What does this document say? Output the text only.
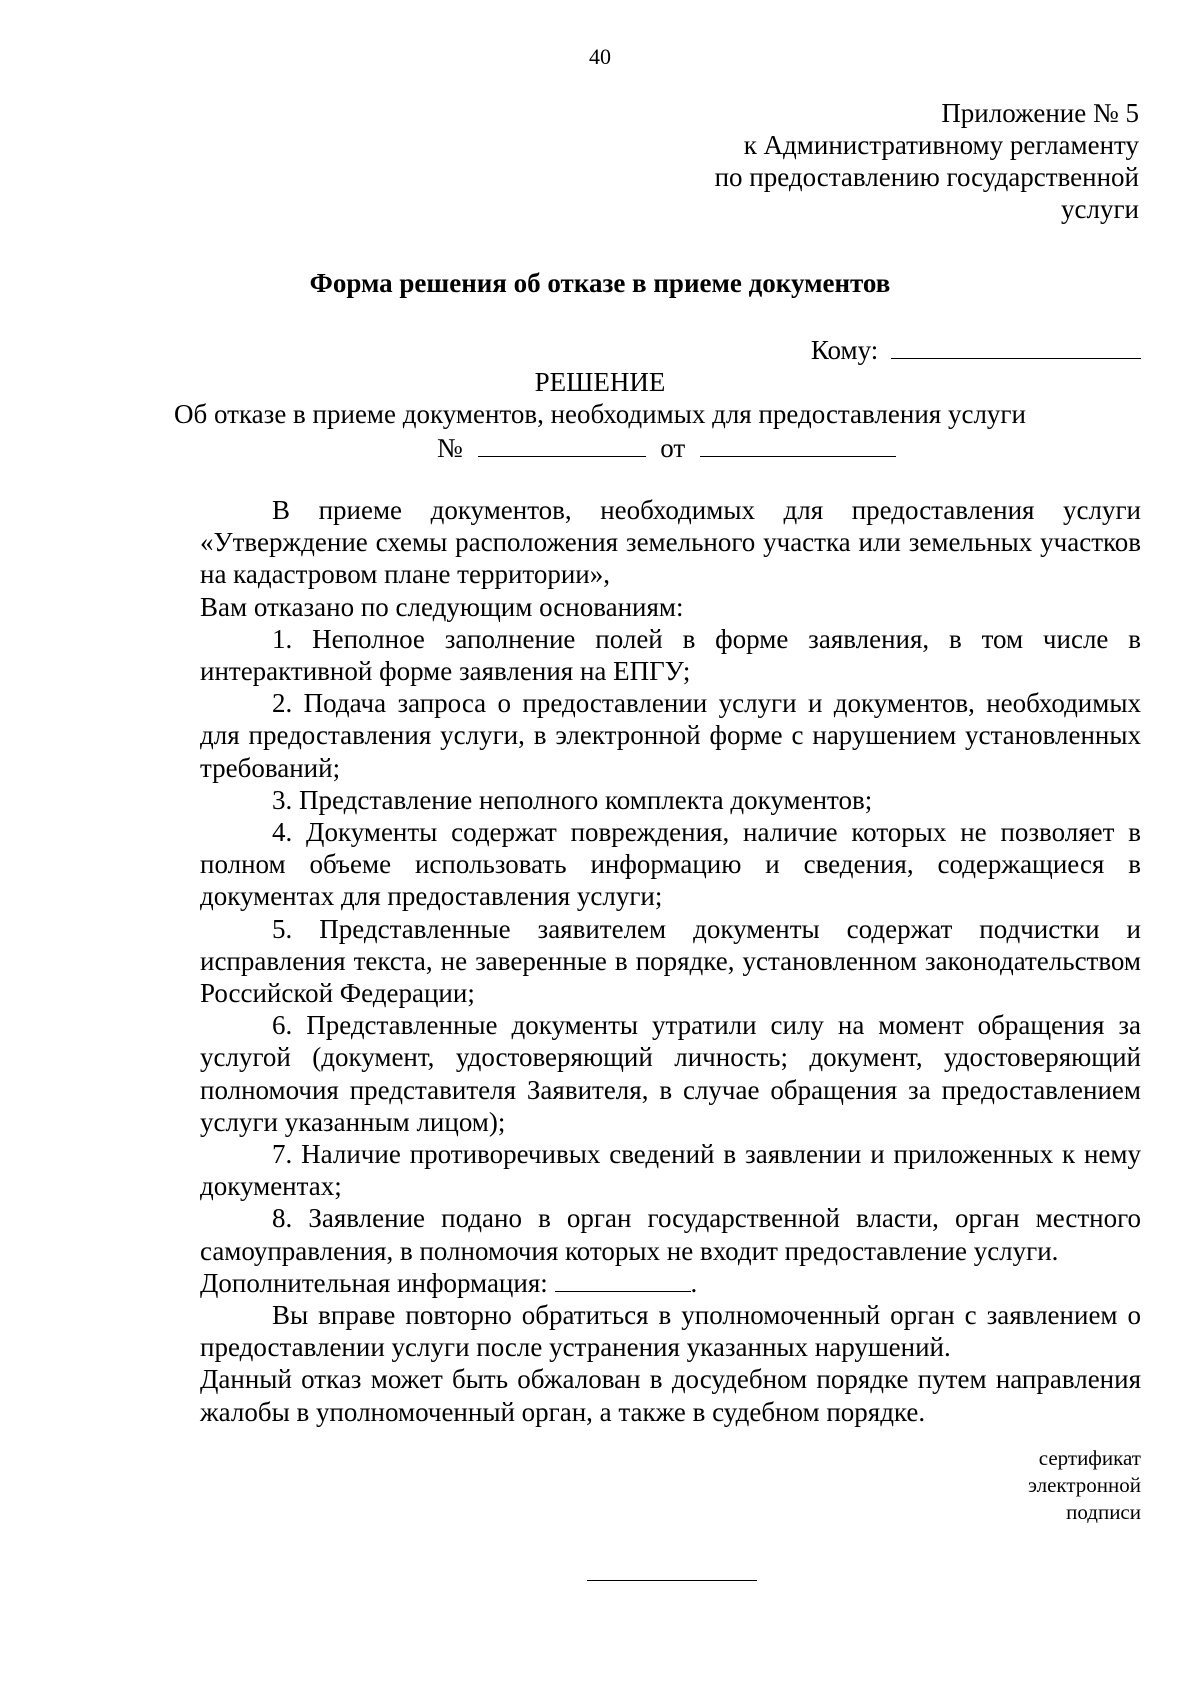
40
Приложение № 5
к Административному регламенту
по предоставлению государственной
услуги
Форма решения об отказе в приеме документов
Кому:
РЕШЕНИЕ
Об отказе в приеме документов, необходимых для предоставления услуги
№	от

В приеме документов, необходимых для предоставления услуги «Утверждение схемы расположения земельного участка или земельных участков на кадастровом плане территории»,

Вам отказано по следующим основаниям:

1. Неполное заполнение полей в форме заявления, в том числе в интерактивной форме заявления на ЕПГУ;

2. Подача запроса о предоставлении услуги и документов, необходимых для предоставления услуги, в электронной форме с нарушением установленных требований;

3. Представление неполного комплекта документов;

4. Документы содержат повреждения, наличие которых не позволяет в полном объеме использовать информацию и сведения, содержащиеся в документах для предоставления услуги;

5. Представленные заявителем документы содержат подчистки и исправления текста, не заверенные в порядке, установленном законодательством Российской Федерации;

6. Представленные документы утратили силу на момент обращения за услугой (документ, удостоверяющий личность; документ, удостоверяющий полномочия представителя Заявителя, в случае обращения за предоставлением услуги указанным лицом);

7. Наличие противоречивых сведений в заявлении и приложенных к нему документах;

8. Заявление подано в орган государственной власти, орган местного самоуправления, в полномочия которых не входит предоставление услуги.

Дополнительная информация:	.

Вы вправе повторно обратиться в уполномоченный орган с заявлением о предоставлении услуги после устранения указанных нарушений.

Данный отказ может быть обжалован в досудебном порядке путем направления жалобы в уполномоченный орган, а также в судебном порядке.

сертификат
электронной
подписи
